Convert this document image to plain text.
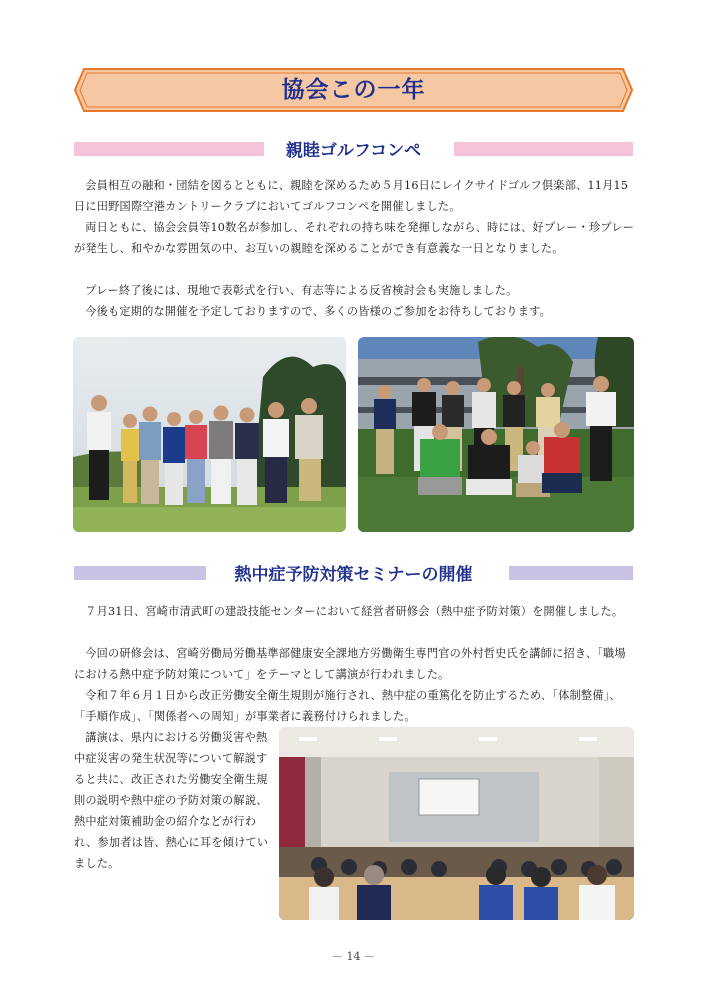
協会この一年
親睦ゴルフコンペ

会員相互の融和・団結を図るとともに、親睦を深めるため５月16日にレイクサイドゴルフ倶楽部、11月15日に田野国際空港カントリークラブにおいてゴルフコンペを開催しました。

両日ともに、協会会員等10数名が参加し、それぞれの持ち味を発揮しながら、時には、好プレー・珍プレーが発生し、和やかな雰囲気の中、お互いの親睦を深めることができ有意義な一日となりました。

プレー終了後には、現地で表彰式を行い、有志等による反省検討会も実施しました。

今後も定期的な開催を予定しておりますので、多くの皆様のご参加をお待ちしております。

熱中症予防対策セミナーの開催

７月31日、宮崎市清武町の建設技能センターにおいて経営者研修会（熱中症予防対策）を開催しました。

今回の研修会は、宮崎労働局労働基準部健康安全課地方労働衛生専門官の外村哲史氏を講師に招き、「職場における熱中症予防対策について」をテーマとして講演が行われました。

令和７年６月１日から改正労働安全衛生規則が施行され、熱中症の重篤化を防止するため、「体制整備」、「手順作成」、「関係者への周知」が事業者に義務付けられました。

講演は、県内における労働災害や熱中症災害の発生状況等について解説すると共に、改正された労働安全衛生規則の説明や熱中症の予防対策の解説、熱中症対策補助金の紹介などが行われ、参加者は皆、熱心に耳を傾けていました。

－ 14 －
